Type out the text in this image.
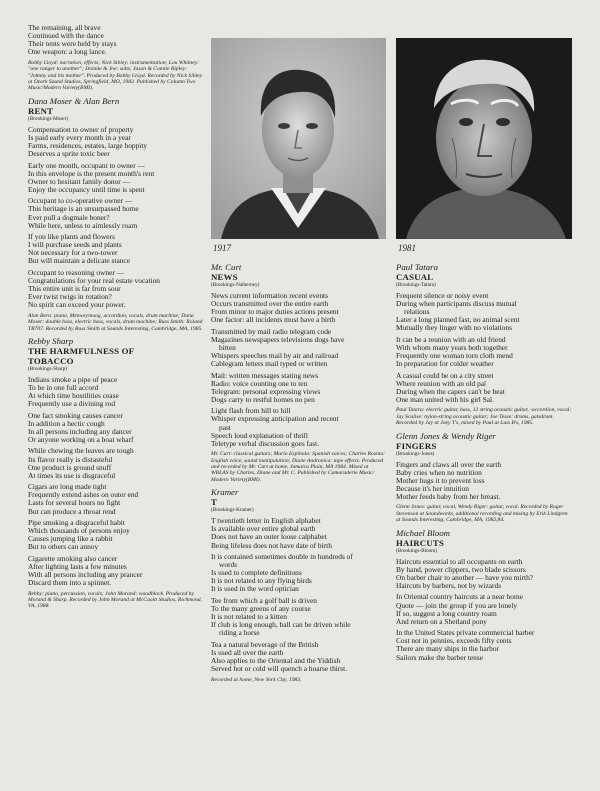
The remaining, all brave
Continued with the dance
Their tents were held by stays
One weapon: a long lance.

Bobby Lloyd: narration, effects; Nick Sibley: instrumentation; Lou Whitney: "one ranger to another"; Donnie & Joe: sobs; Jason & Connie Ripley: "Johnny and his mother". Produced by Bobby Lloyd. Recorded by Nick Sibley at Ozark Sound Studios, Springfield, MO, 1983. Published by Column Two Music/Modern Variety(BMI).

Dana Moser & Alan Bern

RENT

(Brookings-Moser)

Compensation to owner of property
Is paid early every month in a year
Farms, residences, estates, large hoppity
Deserves a sprite toxic beer
Early one month, occupant to owner —
In this envelope is the present month's rent
Owner to hesitant family donor —
Enjoy the occupancy until time is spent
Occupant to co-operative owner —
This heritage is an unsurpassed home
Ever pull a dogmale boner?
While here, unless to aimlessly roam
If you like plants and flowers
I will purchase seeds and plants
Not necessary for a two-tower
But will maintain a delicate stance
Occupant to reasoning owner —
Congratulations for your real estate vocation
This entire unit is far from sour
Ever twist twigs in rotation?
No spirit can exceed your power.

Alan Bern: piano, Memorymoog, accordion, vocals, drum machine; Dana Moser: double bass, electric bass, vocals, drum machine; Russ Smith: Roland TR707. Recorded by Russ Smith at Sounds Interesting, Cambridge, MA, 1985.

Rebby Sharp

THE HARMFULNESS OF

TOBACCO

(Brookings-Sharp)

Indians smoke a pipe of peace
To be in one full accord
At which time hostilities cease
Frequently use a divining rod
One fact smoking causes cancer
In addition a hectic cough
In all persons including any dancer
Or anyone working on a boat wharf
While chewing the leaves are tough
Its flavor really is distasteful
One product is ground snuff
At times its use is disgraceful
Cigars are long made tight
Frequently extend ashes on outer end
Lasts for several hours no fight
But can produce a throat rend
Pipe smoking a disgraceful habit
Which thousands of persons enjoy
Causes jumping like a rabbit
But to others can annoy
Cigarette smoking also cancer
After lighting lasts a few minutes
With all persons including any prancer
Discard them into a spinnet.

Rebby: piano, percussion, vocals; John Morand: woodblock. Produced by Morand & Sharp. Recorded by John Morand at McCaoitt Studios, Richmond, VA, 1988.

1917	1981

Mr. Curt

NEWS

(Brookings-Naiberney)

News current information recent events
Occurs transmitted over the entire earth
From minor to major duties actions present
One factor: all incidents must have a birth
Transmitted by mail radio telegram code
Magazines newspapers televisions dogs have
bitten
Whispers speeches mail by air and railroad
Cablegram letters mail typed or written
Mail: written messages stating news
Radio: voice counting one to ten
Telegram: personal expressing views
Dogs carry to restful homes no pen
Light flash from hill to hill
Whisper expressing anticipation and recent
past
Speech loud explanation of thrill
Teletype verbal discussion goes fast.

Mr. Curt: classical guitars; Mario Espinola: Spanish voices; Charles Rosina: English voice, sound manipulation; Diane Andronica: tape effects. Produced and recorded by Mr. Curt at home, Jamaica Plain, MA 1984. Mixed at WBLAS by Charles, Diane and Mr. C. Published by Camaraderie Music/ Modern Variety(BMI).

Kramer

T

(Brookings-Kramer)

T twentieth letter in English alphabet
Is available over entire global earth
Does not have an outer loose calphabet
Being lifeless does not have date of birth
It is contained sometimes double in hundreds of
words
Is used to complete definitions
It is not related to any flying birds
It is used in the word optician
Tee from which a golf ball is driven
To the many greens of any course
It is not related to a kitten
If club is long enough, ball can be driven while
riding a horse
Tea a natural beverage of the British
Is used all over the earth
Also applies to the Oriental and the Yiddish
Served hot or cold will quench a hoarse thirst.

Recorded at home, New York City, 1983.

Paul Tatara

CASUAL

(Brookings-Tatara)

Frequent silence or noisy event
During when participants discuss mutual
relations
Later a long planned fast, no animal scent
Mutually they linger with no violations
It can be a reunion with an old friend
With whom many years both together
Frequently one woman torn cloth mend
In preparation for colder weather
A casual could be on a city street
Where reunion with an old pal
During when the capers can't be beat
One man united with his girl Sal.

Paul Tatara: electric guitar, bass, 12 string acoustic guitar, -accordion, vocal; Jay Scalise: nylon-string acoustic guitar; Joe Tesse: drums, gatsdrum. Recorded by Jay at Joey T's, mixed by Paul at Luis B's, 1985.

Glenn Jones & Wendy Riger

FINGERS

(Brookings-Jones)

Fingers and claws all over the earth
Baby cries when no nutrition
Mother hugs it to prevent loss
Because it's her intuition
Mother feeds baby from her breast.

Glenn Jones: guitar, vocal, Wendy Riger: guitar, vocal. Recorded by Roger Stevenson at Soundworks, additional recording and mixing by Erik Lindgren at Sounds Interesting, Cambridge, MA, 1982,84.

Michael Bloom

HAIRCUTS

(Brookings-Bloom)

Haircuts essential to all occupants on earth
By hand, power clippers, two blade scissors
On barber chair to another — have you mirth?
Haircuts by barbers, not by wizards
In Oriental country haircuts at a near home
Quote — join the group if you are lonely
If so, suggest a long country roam
And return on a Shetland pony
In the United States private commercial barber
Cost not in pennies, exceeds fifty cents
There are many ships in the harbor
Sailors make the barber tense
